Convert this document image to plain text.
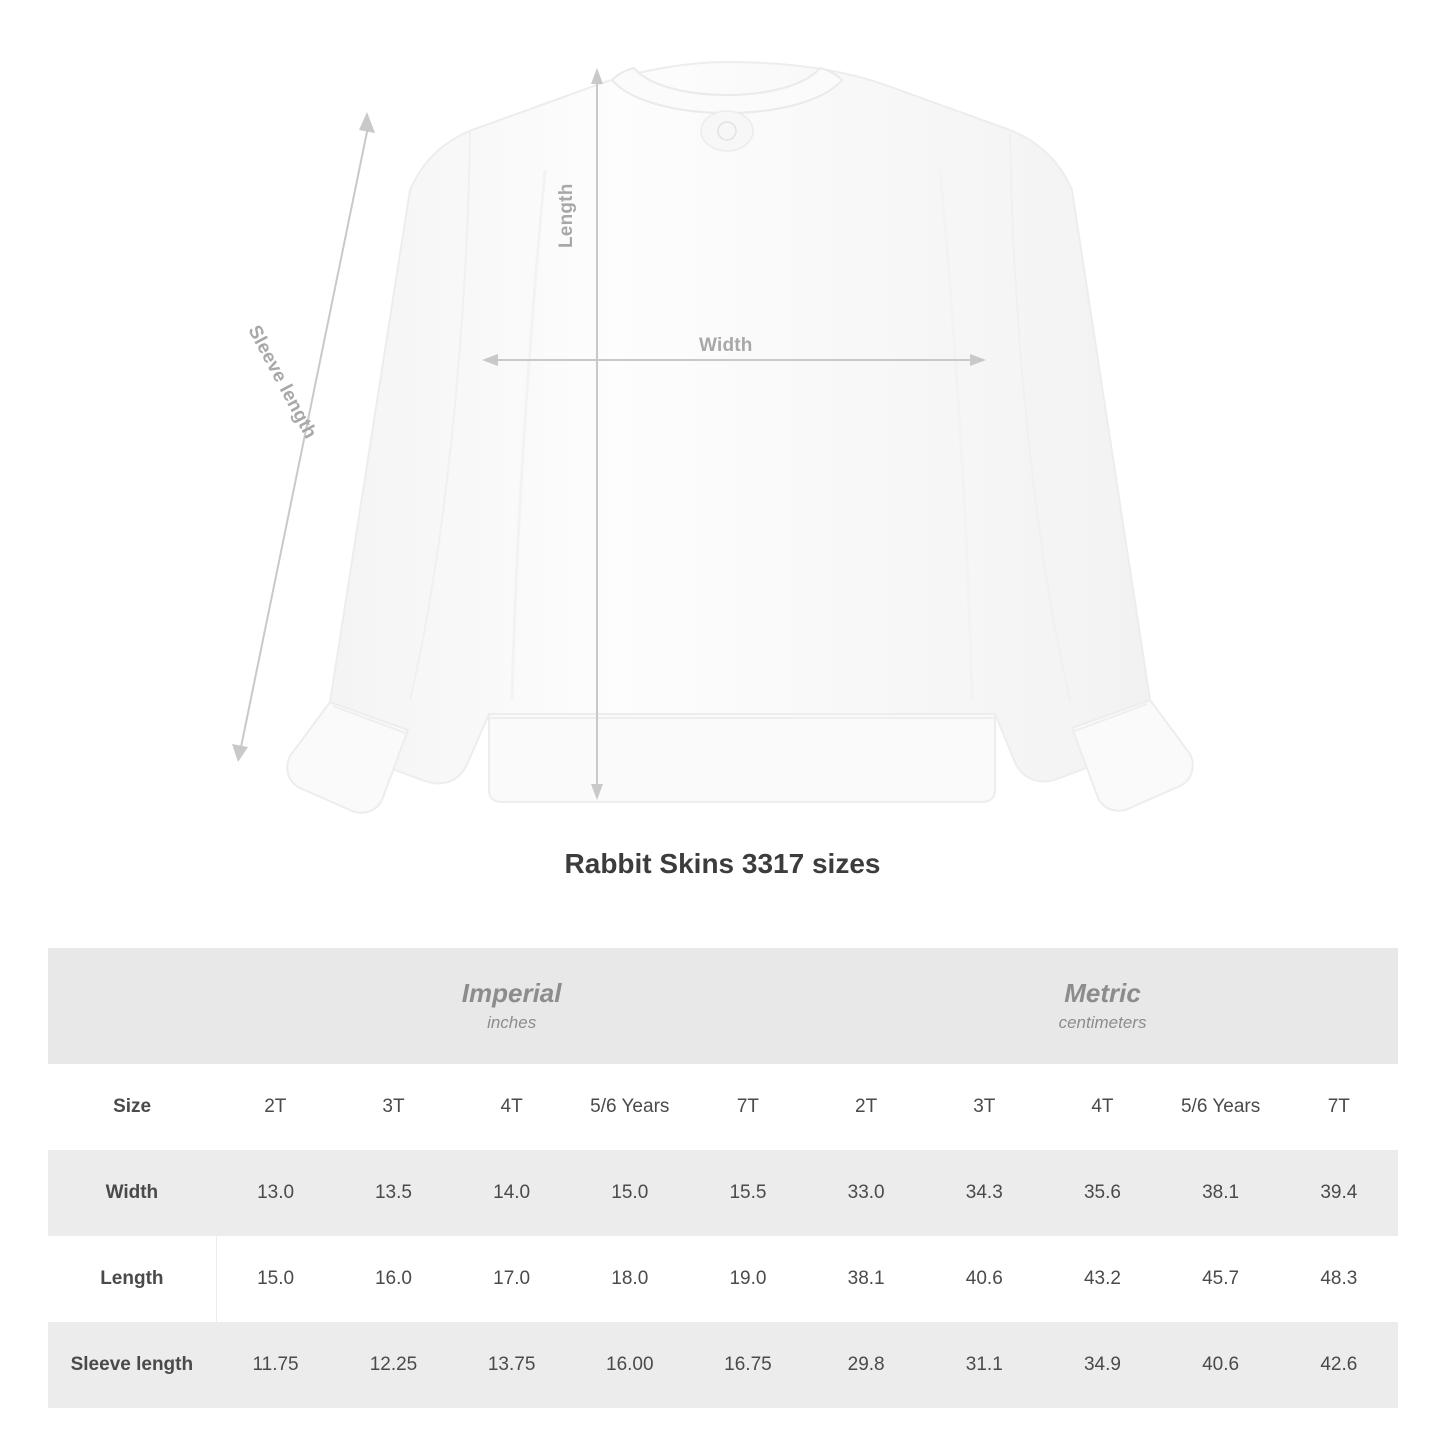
Length
Width
Sleeve length
Rabbit Skins 3317 sizes

Imperial
inches

Metric
centimeters

Size	2T	3T	4T	5/6 Years	7T	2T	3T	4T	5/6 Years	7T
Width	13.0	13.5	14.0	15.0	15.5	33.0	34.3	35.6	38.1	39.4
Length	15.0	16.0	17.0	18.0	19.0	38.1	40.6	43.2	45.7	48.3
Sleeve length	11.75	12.25	13.75	16.00	16.75	29.8	31.1	34.9	40.6	42.6
